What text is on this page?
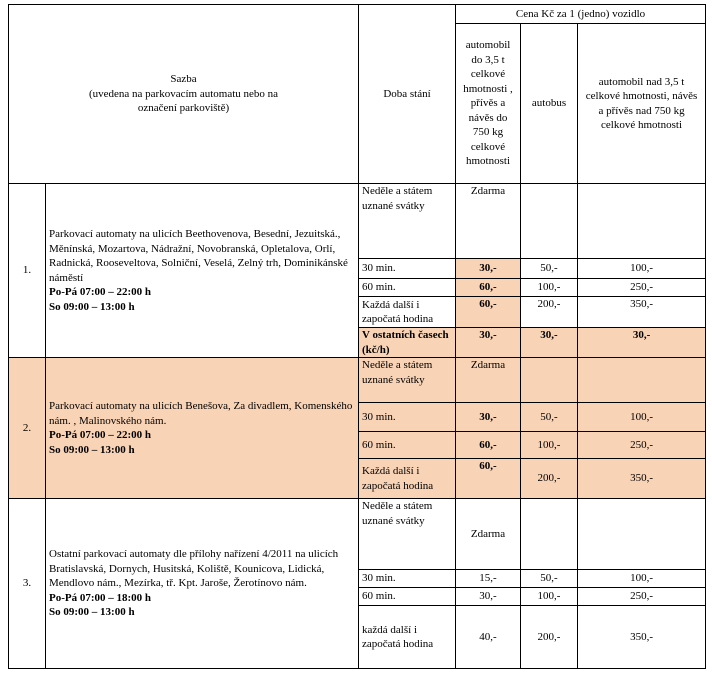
Sazba
(uvedena na parkovacím automatu nebo na označení parkoviště)		Doba stání	Cena Kč za 1 (jedno) vozidlo		
			automobil do 3,5 t celkové hmotnosti , přívěs a návěs do 750 kg celkové hmotnosti	autobus	automobil nad 3,5 t celkové hmotnosti, návěs a přívěs nad 750 kg celkové hmotnosti
1.	Parkovací automaty na ulicích Beethovenova, Besední, Jezuitská., Měnínská, Mozartova, Nádražní, Novobranská, Opletalova, Orlí, Radnická, Rooseveltova, Solniční, Veselá, Zelný trh, Dominikánské náměstí
Po-Pá 07:00 – 22:00 h
So 09:00 – 13:00 h	Neděle a státem uznané svátky	Zdarma		
		30 min.	30,-	50,-	100,-
		60 min.	60,-	100,-	250,-
		Každá další i započatá hodina	60,-	200,-	350,-
		V ostatních časech (kč/h)	30,-	30,-	30,-
2.	Parkovací automaty na ulicích Benešova, Za divadlem, Komenského nám. , Malinovského nám.
Po-Pá 07:00 – 22:00 h
So 09:00 – 13:00 h	Neděle a státem uznané svátky	Zdarma		
		30 min.	30,-	50,-	100,-
		60 min.	60,-	100,-	250,-
		Každá další i započatá hodina	60,-	200,-	350,-
3.	Ostatní parkovací automaty dle přílohy nařízení 4/2011 na ulicích Bratislavská, Dornych, Husitská, Koliště, Kounicova, Lidická, Mendlovo nám., Mezírka, tř. Kpt. Jaroše, Žerotínovo nám.
Po-Pá 07:00 – 18:00 h
So 09:00 – 13:00 h	Neděle a státem uznané svátky	Zdarma		
		30 min.	15,-	50,-	100,-
		60 min.	30,-	100,-	250,-
		každá další i započatá hodina	40,-	200,-	350,-
